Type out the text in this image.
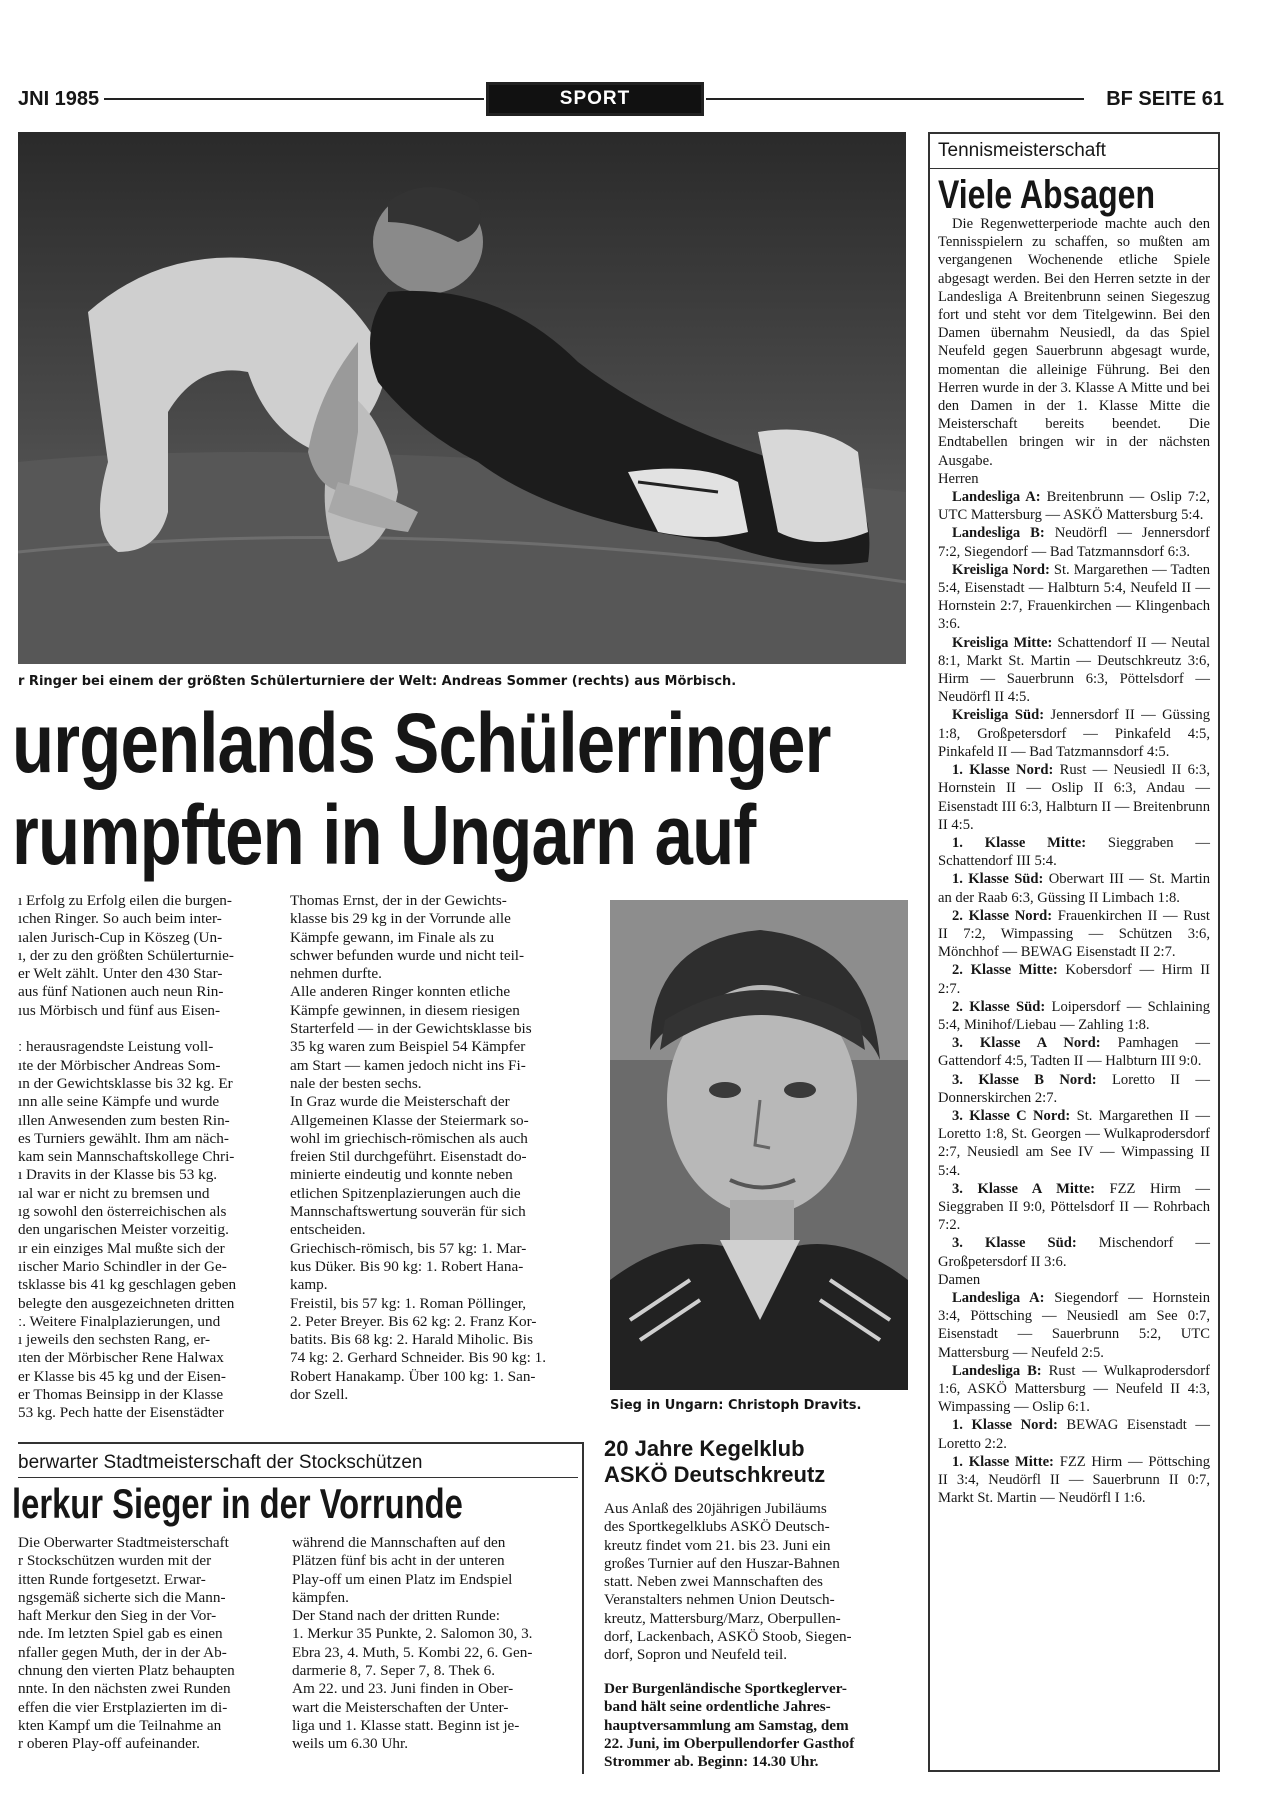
JNI 1985	SPORT	BF SEITE 61
r Ringer bei einem der größten Schülerturniere der Welt: Andreas Sommer (rechts) aus Mörbisch.
urgenlands Schülerringer
rumpften in Ungarn auf
ı Erfolg zu Erfolg eilen die burgen-
ıchen Ringer. So auch beim inter-
ıalen Jurisch-Cup in Köszeg (Un-
ı, der zu den größten Schülerturnie-
er Welt zählt. Unter den 430 Star-
aus fünf Nationen auch neun Rin-
ıus Mörbisch und fünf aus Eisen-

ː herausragendste Leistung voll-
ıte der Mörbischer Andreas Som-
ın der Gewichtsklasse bis 32 kg. Er
ınn alle seine Kämpfe und wurde
ıllen Anwesenden zum besten Rin-
es Turniers gewählt. Ihm am näch-
kam sein Mannschaftskollege Chri-
ı Dravits in der Klasse bis 53 kg.
ıal war er nicht zu bremsen und
ıg sowohl den österreichischen als
den ungarischen Meister vorzeitig.
ır ein einziges Mal mußte sich der
ıischer Mario Schindler in der Ge-
tsklasse bis 41 kg geschlagen geben
belegte den ausgezeichneten dritten
ː. Weitere Finalplazierungen, und
ı jeweils den sechsten Rang, er-
ıten der Mörbischer Rene Halwax
er Klasse bis 45 kg und der Eisen-
er Thomas Beinsipp in der Klasse
53 kg. Pech hatte der Eisenstädter
Thomas Ernst, der in der Gewichts-
klasse bis 29 kg in der Vorrunde alle
Kämpfe gewann, im Finale als zu
schwer befunden wurde und nicht teil-
nehmen durfte.
Alle anderen Ringer konnten etliche
Kämpfe gewinnen, in diesem riesigen
Starterfeld — in der Gewichtsklasse bis
35 kg waren zum Beispiel 54 Kämpfer
am Start — kamen jedoch nicht ins Fi-
nale der besten sechs.
In Graz wurde die Meisterschaft der
Allgemeinen Klasse der Steiermark so-
wohl im griechisch-römischen als auch
freien Stil durchgeführt. Eisenstadt do-
minierte eindeutig und konnte neben
etlichen Spitzenplazierungen auch die
Mannschaftswertung souverän für sich
entscheiden.
Griechisch-römisch, bis 57 kg: 1. Mar-
kus Düker. Bis 90 kg: 1. Robert Hana-
kamp.
Freistil, bis 57 kg: 1. Roman Pöllinger,
2. Peter Breyer. Bis 62 kg: 2. Franz Kor-
batits. Bis 68 kg: 2. Harald Miholic. Bis
74 kg: 2. Gerhard Schneider. Bis 90 kg: 1.
Robert Hanakamp. Über 100 kg: 1. San-
dor Szell.
Sieg in Ungarn: Christoph Dravits.
berwarter Stadtmeisterschaft der Stockschützen
lerkur Sieger in der Vorrunde
Die Oberwarter Stadtmeisterschaft
r Stockschützen wurden mit der
itten Runde fortgesetzt. Erwar-
ngsgemäß sicherte sich die Mann-
haft Merkur den Sieg in der Vor-
nde. Im letzten Spiel gab es einen
nfaller gegen Muth, der in der Ab-
chnung den vierten Platz behaupten
nnte. In den nächsten zwei Runden
effen die vier Erstplazierten im di-
kten Kampf um die Teilnahme an
r oberen Play-off aufeinander.
während die Mannschaften auf den
Plätzen fünf bis acht in der unteren
Play-off um einen Platz im Endspiel
kämpfen.
Der Stand nach der dritten Runde:
1. Merkur 35 Punkte, 2. Salomon 30, 3.
Ebra 23, 4. Muth, 5. Kombi 22, 6. Gen-
darmerie 8, 7. Seper 7, 8. Thek 6.
Am 22. und 23. Juni finden in Ober-
wart die Meisterschaften der Unter-
liga und 1. Klasse statt. Beginn ist je-
weils um 6.30 Uhr.
20 Jahre Kegelklub
ASKÖ Deutschkreutz
Aus Anlaß des 20jährigen Jubiläums
des Sportkegelklubs ASKÖ Deutsch-
kreutz findet vom 21. bis 23. Juni ein
großes Turnier auf den Huszar-Bahnen
statt. Neben zwei Mannschaften des
Veranstalters nehmen Union Deutsch-
kreutz, Mattersburg/Marz, Oberpullen-
dorf, Lackenbach, ASKÖ Stoob, Siegen-
dorf, Sopron und Neufeld teil.
Der Burgenländische Sportkeglerver-
band hält seine ordentliche Jahres-
hauptversammlung am Samstag, dem
22. Juni, im Oberpullendorfer Gasthof
Strommer ab. Beginn: 14.30 Uhr.
Tennismeisterschaft
Viele Absagen
Die Regenwetterperiode machte auch den Tennisspielern zu schaffen, so mußten am vergangenen Wochenende etliche Spiele abgesagt werden. Bei den Herren setzte in der Landesliga A Breitenbrunn seinen Siegeszug fort und steht vor dem Titelgewinn. Bei den Damen übernahm Neusiedl, da das Spiel Neufeld gegen Sauerbrunn abgesagt wurde, momentan die alleinige Führung. Bei den Herren wurde in der 3. Klasse A Mitte und bei den Damen in der 1. Klasse Mitte die Meisterschaft bereits beendet. Die Endtabellen bringen wir in der nächsten Ausgabe.
Herren
Landesliga A: Breitenbrunn — Oslip 7:2, UTC Mattersburg — ASKÖ Mattersburg 5:4.
Landesliga B: Neudörfl — Jennersdorf 7:2, Siegendorf — Bad Tatzmannsdorf 6:3.
Kreisliga Nord: St. Margarethen — Tadten 5:4, Eisenstadt — Halbturn 5:4, Neufeld II — Hornstein 2:7, Frauenkirchen — Klingenbach 3:6.
Kreisliga Mitte: Schattendorf II — Neutal 8:1, Markt St. Martin — Deutschkreutz 3:6, Hirm — Sauerbrunn 6:3, Pöttelsdorf — Neudörfl II 4:5.
Kreisliga Süd: Jennersdorf II — Güssing 1:8, Großpetersdorf — Pinkafeld 4:5, Pinkafeld II — Bad Tatzmannsdorf 4:5.
1. Klasse Nord: Rust — Neusiedl II 6:3, Hornstein II — Oslip II 6:3, Andau — Eisenstadt III 6:3, Halbturn II — Breitenbrunn II 4:5.
1. Klasse Mitte: Sieggraben — Schattendorf III 5:4.
1. Klasse Süd: Oberwart III — St. Martin an der Raab 6:3, Güssing II Limbach 1:8.
2. Klasse Nord: Frauenkirchen II — Rust II 7:2, Wimpassing — Schützen 3:6, Mönchhof — BEWAG Eisenstadt II 2:7.
2. Klasse Mitte: Kobersdorf — Hirm II 2:7.
2. Klasse Süd: Loipersdorf — Schlaining 5:4, Minihof/Liebau — Zahling 1:8.
3. Klasse A Nord: Pamhagen — Gattendorf 4:5, Tadten II — Halbturn III 9:0.
3. Klasse B Nord: Loretto II — Donnerskirchen 2:7.
3. Klasse C Nord: St. Margarethen II — Loretto 1:8, St. Georgen — Wulkaprodersdorf 2:7, Neusiedl am See IV — Wimpassing II 5:4.
3. Klasse A Mitte: FZZ Hirm — Sieggraben II 9:0, Pöttelsdorf II — Rohrbach 7:2.
3. Klasse Süd: Mischendorf — Großpetersdorf II 3:6.
Damen
Landesliga A: Siegendorf — Hornstein 3:4, Pöttsching — Neusiedl am See 0:7, Eisenstadt — Sauerbrunn 5:2, UTC Mattersburg — Neufeld 2:5.
Landesliga B: Rust — Wulkaprodersdorf 1:6, ASKÖ Mattersburg — Neufeld II 4:3, Wimpassing — Oslip 6:1.
1. Klasse Nord: BEWAG Eisenstadt — Loretto 2:2.
1. Klasse Mitte: FZZ Hirm — Pöttsching II 3:4, Neudörfl II — Sauerbrunn II 0:7, Markt St. Martin — Neudörfl I 1:6.
